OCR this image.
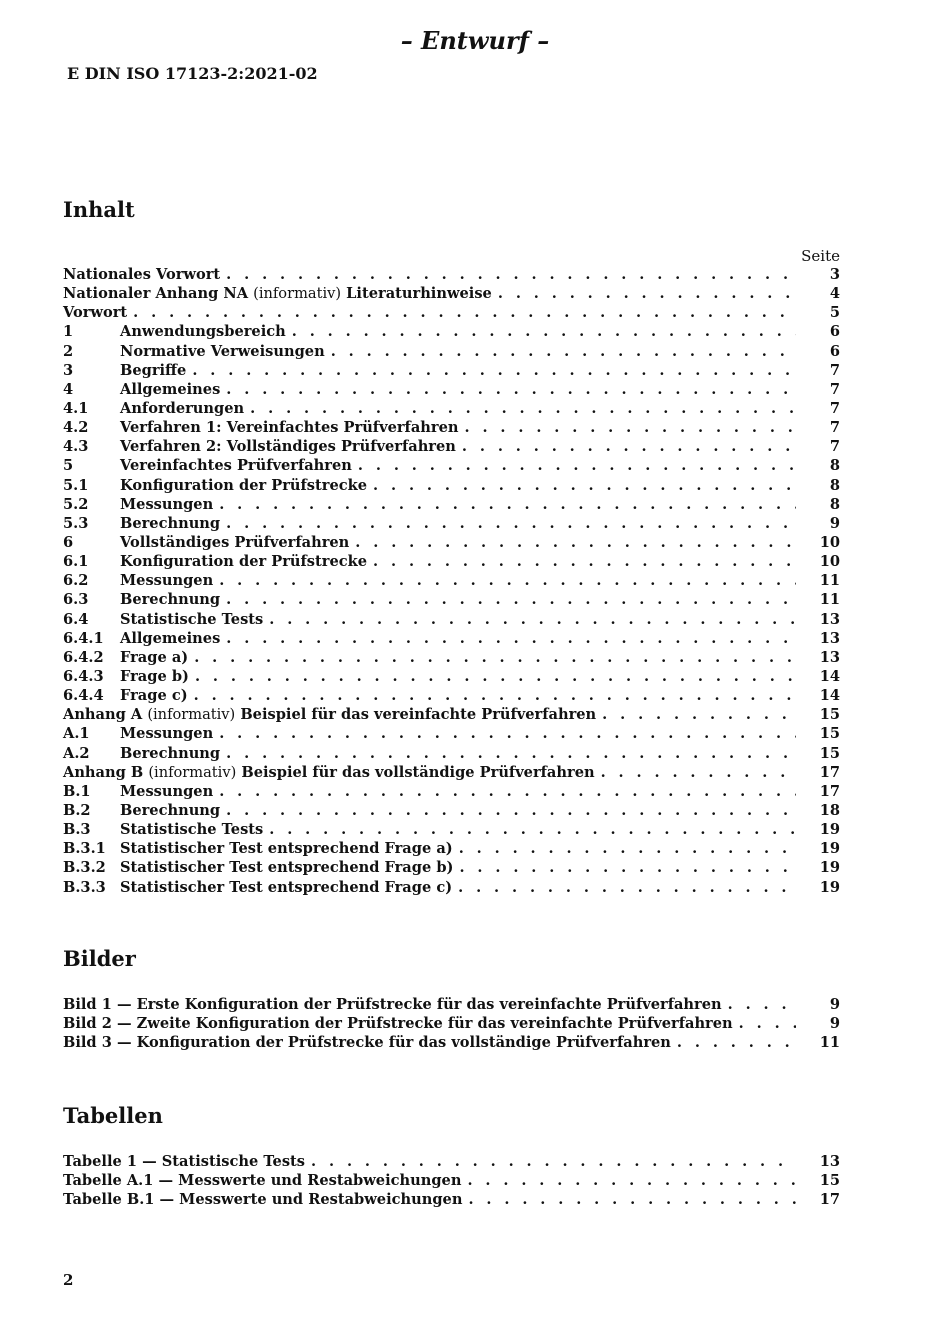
– Entwurf –
E DIN ISO 17123-2:2021-02
Inhalt
Seite
Nationales Vorwort . . .	3
Nationaler Anhang NA (informativ) Literaturhinweise . . .	4
Vorwort . . .	5
1	Anwendungsbereich . . .	6
2	Normative Verweisungen . . .	6
3	Begriffe . . .	7
4	Allgemeines . . .	7
4.1	Anforderungen . . .	7
4.2	Verfahren 1: Vereinfachtes Prüfverfahren . . .	7
4.3	Verfahren 2: Vollständiges Prüfverfahren . . .	7
5	Vereinfachtes Prüfverfahren . . .	8
5.1	Konfiguration der Prüfstrecke . . .	8
5.2	Messungen . . .	8
5.3	Berechnung . . .	9
6	Vollständiges Prüfverfahren . . .	10
6.1	Konfiguration der Prüfstrecke . . .	10
6.2	Messungen . . .	11
6.3	Berechnung . . .	11
6.4	Statistische Tests . . .	13
6.4.1	Allgemeines . . .	13
6.4.2	Frage a) . . .	13
6.4.3	Frage b) . . .	14
6.4.4	Frage c) . . .	14
Anhang A (informativ) Beispiel für das vereinfachte Prüfverfahren . . .	15
A.1	Messungen . . .	15
A.2	Berechnung . . .	15
Anhang B (informativ) Beispiel für das vollständige Prüfverfahren . . .	17
B.1	Messungen . . .	17
B.2	Berechnung . . .	18
B.3	Statistische Tests . . .	19
B.3.1 Statistischer Test entsprechend Frage a) . . .	19
B.3.2 Statistischer Test entsprechend Frage b) . . .	19
B.3.3 Statistischer Test entsprechend Frage c) . . .	19
Bilder
Bild 1 — Erste Konfiguration der Prüfstrecke für das vereinfachte Prüfverfahren . . .	9
Bild 2 — Zweite Konfiguration der Prüfstrecke für das vereinfachte Prüfverfahren . . .	9
Bild 3 — Konfiguration der Prüfstrecke für das vollständige Prüfverfahren . . .	11
Tabellen
Tabelle 1 — Statistische Tests . . .	13
Tabelle A.1 — Messwerte und Restabweichungen . . .	15
Tabelle B.1 — Messwerte und Restabweichungen . . .	17
2
